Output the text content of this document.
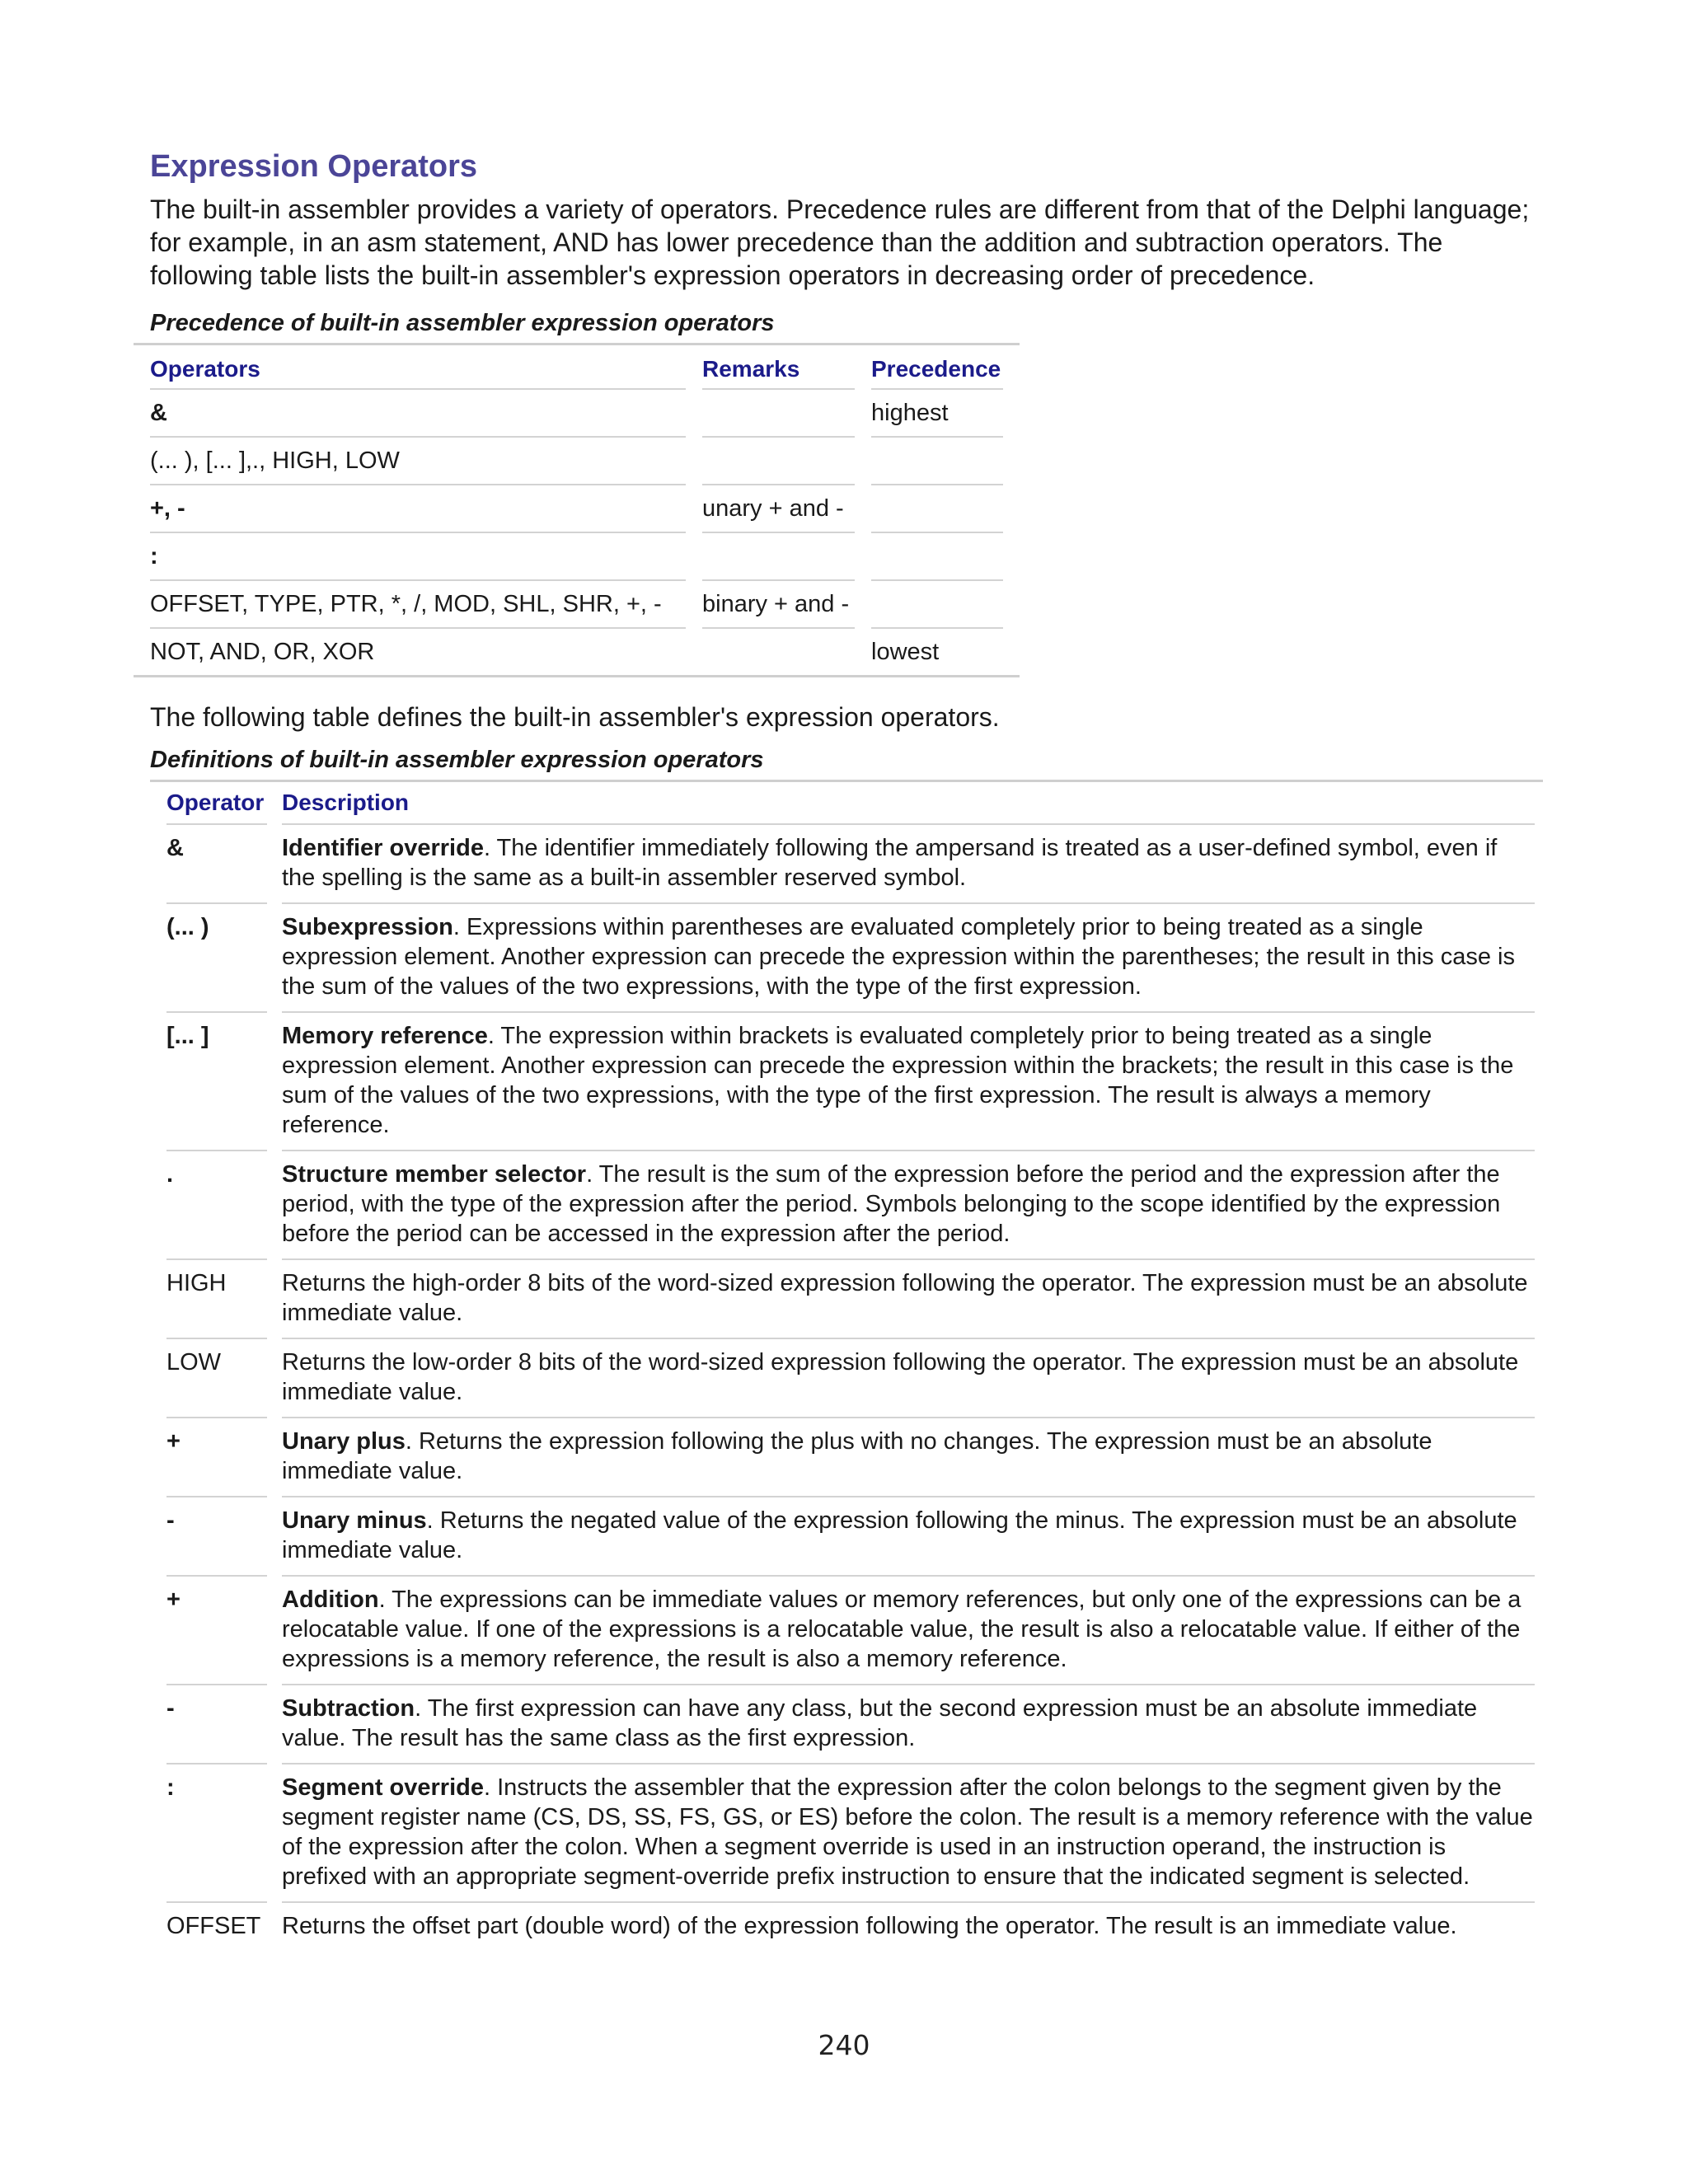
Expression Operators

The built-in assembler provides a variety of operators. Precedence rules are different from that of the Delphi language; for example, in an asm statement, AND has lower precedence than the addition and subtraction operators. The following table lists the built-in assembler's expression operators in decreasing order of precedence.

Precedence of built-in assembler expression operators
Operators	Remarks	Precedence
&		highest
(... ), [... ],., HIGH, LOW		
+, -	unary + and -	
:		
OFFSET, TYPE, PTR, *, /, MOD, SHL, SHR, +, -	binary + and -	
NOT, AND, OR, XOR		lowest

The following table defines the built-in assembler's expression operators.

Definitions of built-in assembler expression operators
Operator Description
&	Identifier override. The identifier immediately following the ampersand is treated as a user-defined symbol, even if the spelling is the same as a built-in assembler reserved symbol.
(... )	Subexpression. Expressions within parentheses are evaluated completely prior to being treated as a single expression element. Another expression can precede the expression within the parentheses; the result in this case is the sum of the values of the two expressions, with the type of the first expression.
[... ]	Memory reference. The expression within brackets is evaluated completely prior to being treated as a single expression element. Another expression can precede the expression within the brackets; the result in this case is the sum of the values of the two expressions, with the type of the first expression. The result is always a memory reference.
.	Structure member selector. The result is the sum of the expression before the period and the expression after the period, with the type of the expression after the period. Symbols belonging to the scope identified by the expression before the period can be accessed in the expression after the period.
HIGH	Returns the high-order 8 bits of the word-sized expression following the operator. The expression must be an absolute immediate value.
LOW	Returns the low-order 8 bits of the word-sized expression following the operator. The expression must be an absolute immediate value.
+	Unary plus. Returns the expression following the plus with no changes. The expression must be an absolute immediate value.
-	Unary minus. Returns the negated value of the expression following the minus. The expression must be an absolute immediate value.
+	Addition. The expressions can be immediate values or memory references, but only one of the expressions can be a relocatable value. If one of the expressions is a relocatable value, the result is also a relocatable value. If either of the expressions is a memory reference, the result is also a memory reference.
-	Subtraction. The first expression can have any class, but the second expression must be an absolute immediate value. The result has the same class as the first expression.
:	Segment override. Instructs the assembler that the expression after the colon belongs to the segment given by the segment register name (CS, DS, SS, FS, GS, or ES) before the colon. The result is a memory reference with the value of the expression after the colon. When a segment override is used in an instruction operand, the instruction is prefixed with an appropriate segment-override prefix instruction to ensure that the indicated segment is selected.
OFFSET Returns the offset part (double word) of the expression following the operator. The result is an immediate value.
240
